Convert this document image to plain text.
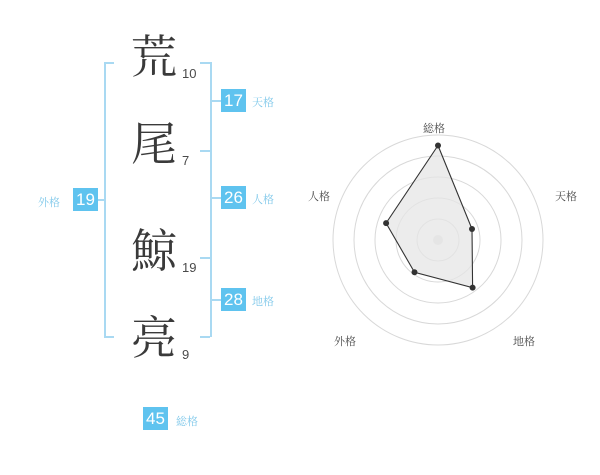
荒 10
尾 7
鯨 19
亮 9
17 天格
26 人格
28 地格
19
外格
45 総格
総格
天格
地格
外格
人格
